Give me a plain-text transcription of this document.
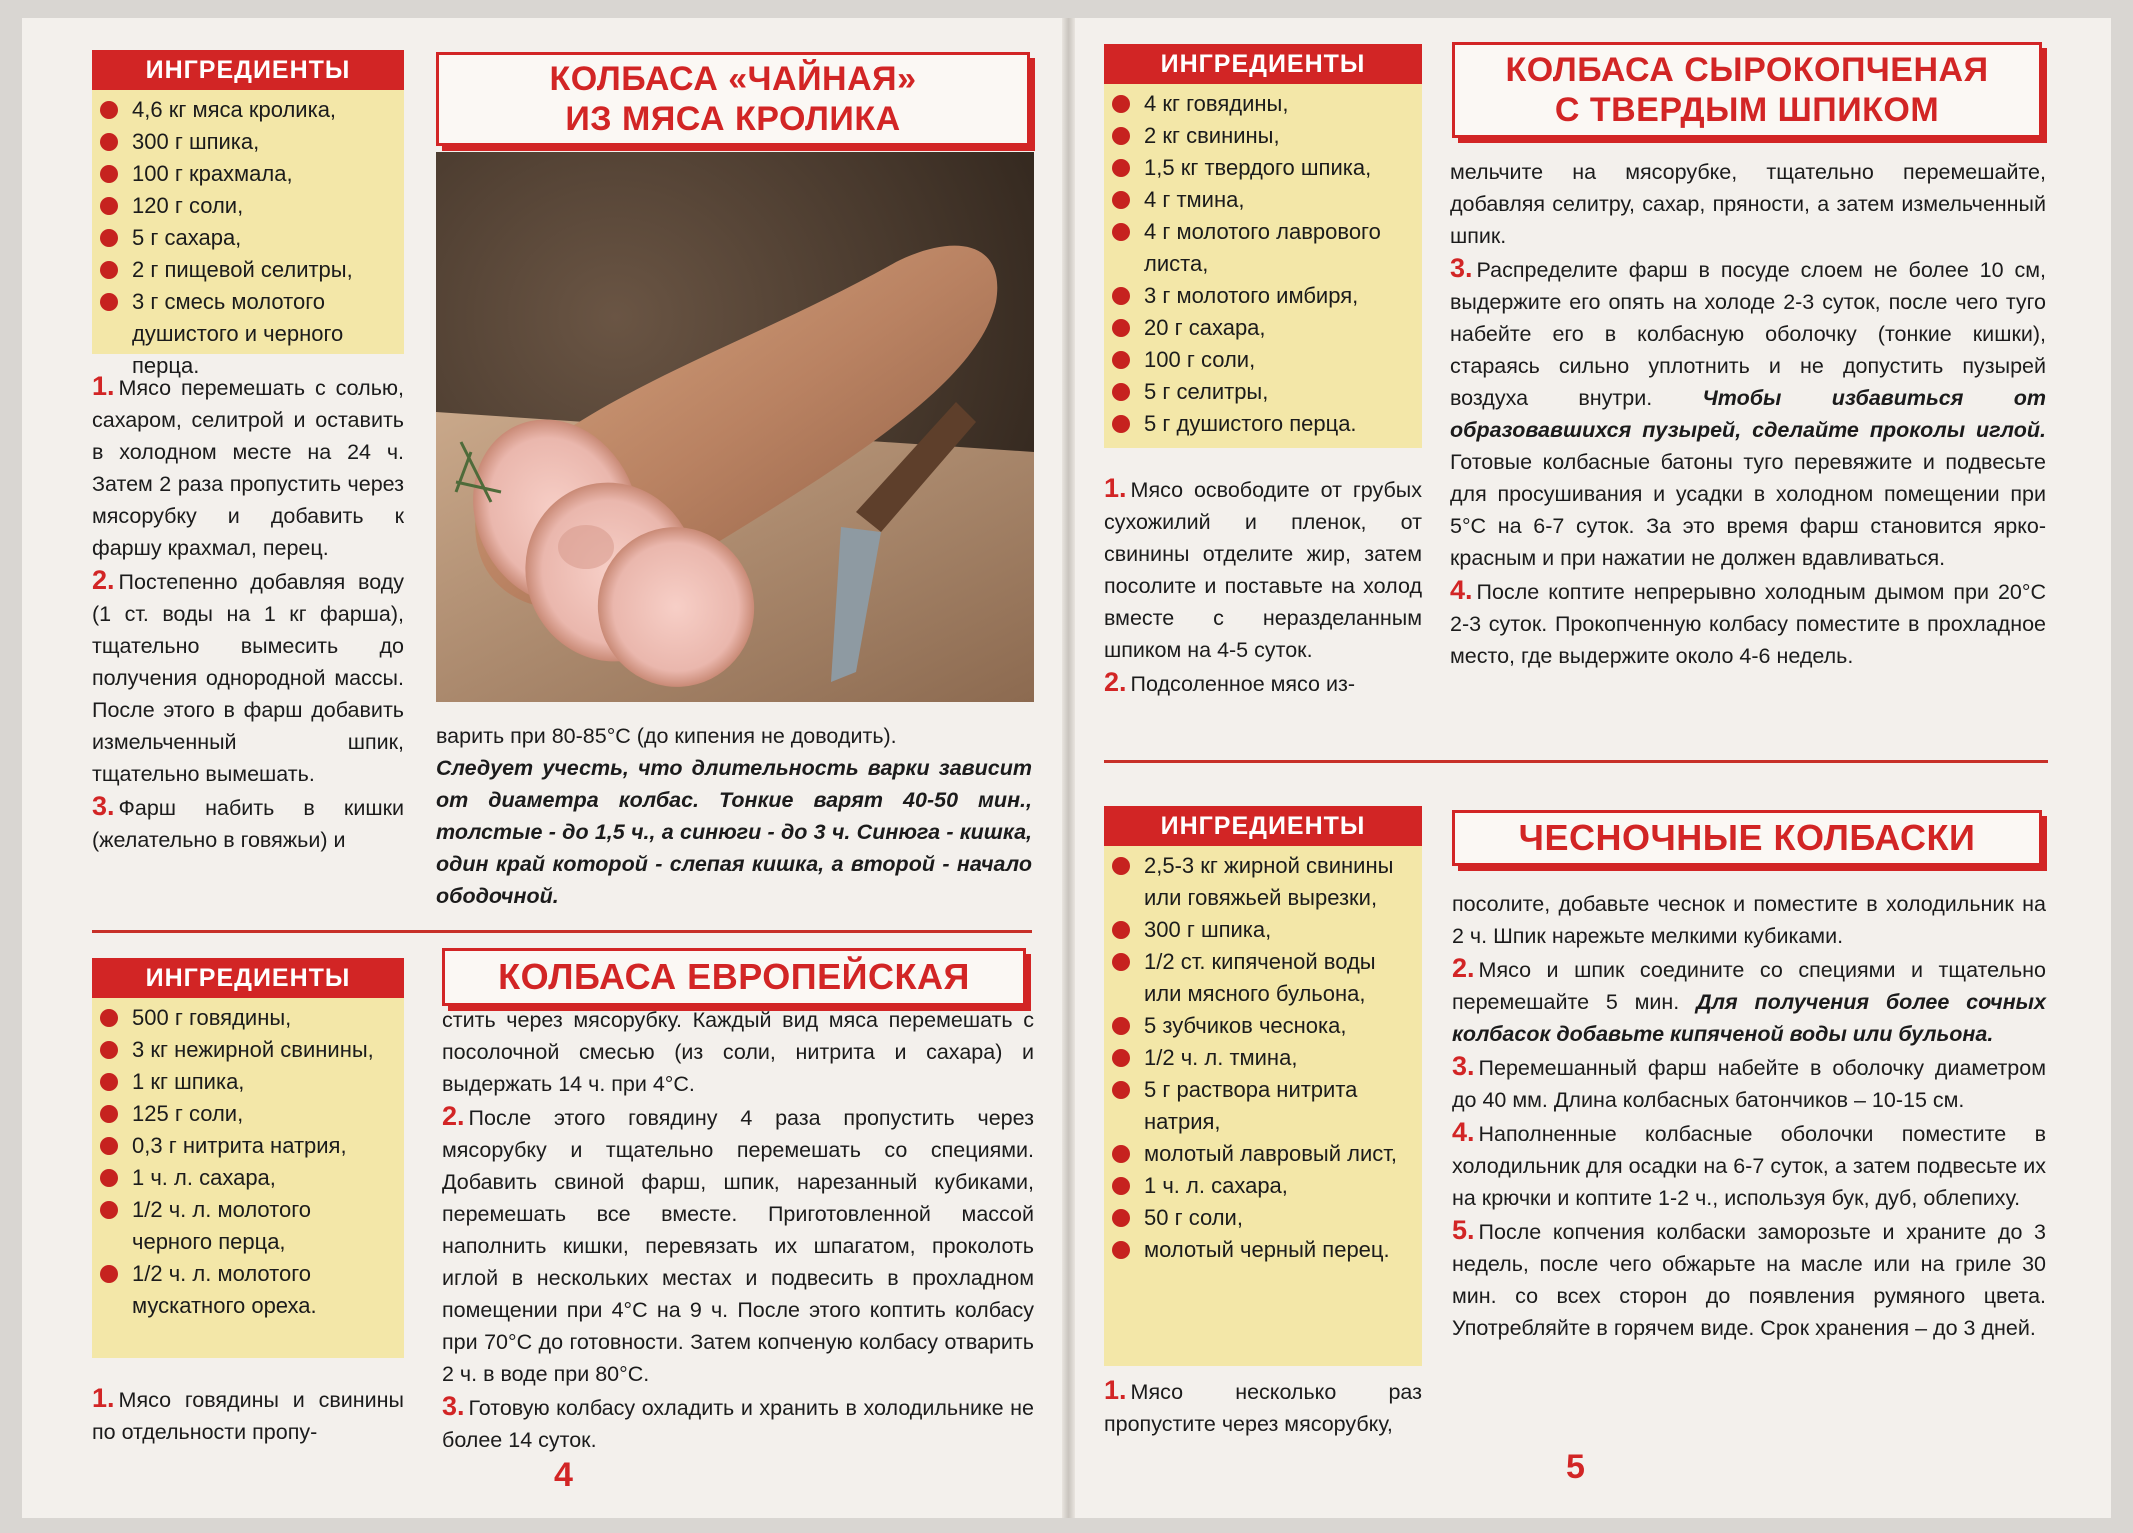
ИНГРЕДИЕНТЫ
4,6 кг мяса кролика,
300 г шпика,
100 г крахмала,
120 г соли,
5 г сахара,
2 г пищевой селитры,
3 г смесь молотого душистого и черного перца.
КОЛБАСА «ЧАЙНАЯ»
ИЗ МЯСА КРОЛИКА

1. Мясо перемешать с солью, сахаром, селитрой и оставить в холодном месте на 24 ч. Затем 2 раза пропустить через мясорубку и добавить к фаршу крахмал, перец.

2. Постепенно добавляя воду (1 ст. воды на 1 кг фарша), тщательно вымесить до получения однородной массы. После этого в фарш добавить измельченный шпик, тщательно вымешать.

3. Фарш набить в кишки (желательно в говяжьи) и

варить при 80-85°С (до кипения не доводить).

Следует учесть, что длительность варки зависит от диаметра колбас. Тонкие варят 40-50 мин., толстые - до 1,5 ч., а синюги - до 3 ч. Синюга - кишка, один край которой - слепая кишка, а второй - начало ободочной.

ИНГРЕДИЕНТЫ
500 г говядины,
3 кг нежирной свинины,
1 кг шпика,
125 г соли,
0,3 г нитрита натрия,
1 ч. л. сахара,
1/2 ч. л. молотого черного перца,
1/2 ч. л. молотого мускатного ореха.
КОЛБАСА ЕВРОПЕЙСКАЯ

1. Мясо говядины и свинины по отдельности пропу-

стить через мясорубку. Каждый вид мяса перемешать с посолочной смесью (из соли, нитрита и сахара) и выдержать 14 ч. при 4°С.

2. После этого говядину 4 раза пропустить через мясорубку и тщательно перемешать со специями. Добавить свиной фарш, шпик, нарезанный кубиками, перемешать все вместе. Приготовленной массой наполнить кишки, перевязать их шпагатом, проколоть иглой в нескольких местах и подвесить в прохладном помещении при 4°С на 9 ч. После этого коптить колбасу при 70°С до готовности. Затем копченую колбасу отварить 2 ч. в воде при 80°С.

3. Готовую колбасу охладить и хранить в холодильнике не более 14 суток.

4
ИНГРЕДИЕНТЫ
4 кг говядины,
2 кг свинины,
1,5 кг твердого шпика,
4 г тмина,
4 г молотого лаврового листа,
3 г молотого имбиря,
20 г сахара,
100 г соли,
5 г селитры,
5 г душистого перца.
КОЛБАСА СЫРОКОПЧЕНАЯ
С ТВЕРДЫМ ШПИКОМ

1. Мясо освободите от грубых сухожилий и пленок, от свинины отделите жир, затем посолите и поставьте на холод вместе с неразделанным шпиком на 4-5 суток.

2. Подсоленное мясо из-

мельчите на мясорубке, тщательно перемешайте, добавляя селитру, сахар, пряности, а затем измельченный шпик.

3. Распределите фарш в посуде слоем не более 10 см, выдержите его опять на холоде 2-3 суток, после чего туго набейте его в колбасную оболочку (тонкие кишки), стараясь сильно уплотнить и не допустить пузырей воздуха внутри. Чтобы избавиться от образовавшихся пузырей, сделайте проколы иглой. Готовые колбасные батоны туго перевяжите и подвесьте для просушивания и усадки в холодном помещении при 5°С на 6-7 суток. За это время фарш становится ярко-красным и при нажатии не должен вдавливаться.

4. После коптите непрерывно холодным дымом при 20°С 2-3 суток. Прокопченную колбасу поместите в прохладное место, где выдержите около 4-6 недель.

ИНГРЕДИЕНТЫ
2,5-3 кг жирной свинины или говяжьей вырезки,
300 г шпика,
1/2 ст. кипяченой воды или мясного бульона,
5 зубчиков чеснока,
1/2 ч. л. тмина,
5 г раствора нитрита натрия,
молотый лавровый лист,
1 ч. л. сахара,
50 г соли,
молотый черный перец.
ЧЕСНОЧНЫЕ КОЛБАСКИ

1. Мясо несколько раз пропустите через мясорубку,

посолите, добавьте чеснок и поместите в холодильник на 2 ч. Шпик нарежьте мелкими кубиками.

2. Мясо и шпик соедините со специями и тщательно перемешайте 5 мин. Для получения более сочных колбасок добавьте кипяченой воды или бульона.

3. Перемешанный фарш набейте в оболочку диаметром до 40 мм. Длина колбасных батончиков – 10-15 см.

4. Наполненные колбасные оболочки поместите в холодильник для осадки на 6-7 суток, а затем подвесьте их на крючки и коптите 1-2 ч., используя бук, дуб, облепиху.

5. После копчения колбаски заморозьте и храните до 3 недель, после чего обжарьте на масле или на гриле 30 мин. со всех сторон до появления румяного цвета. Употребляйте в горячем виде. Срок хранения – до 3 дней.

5
